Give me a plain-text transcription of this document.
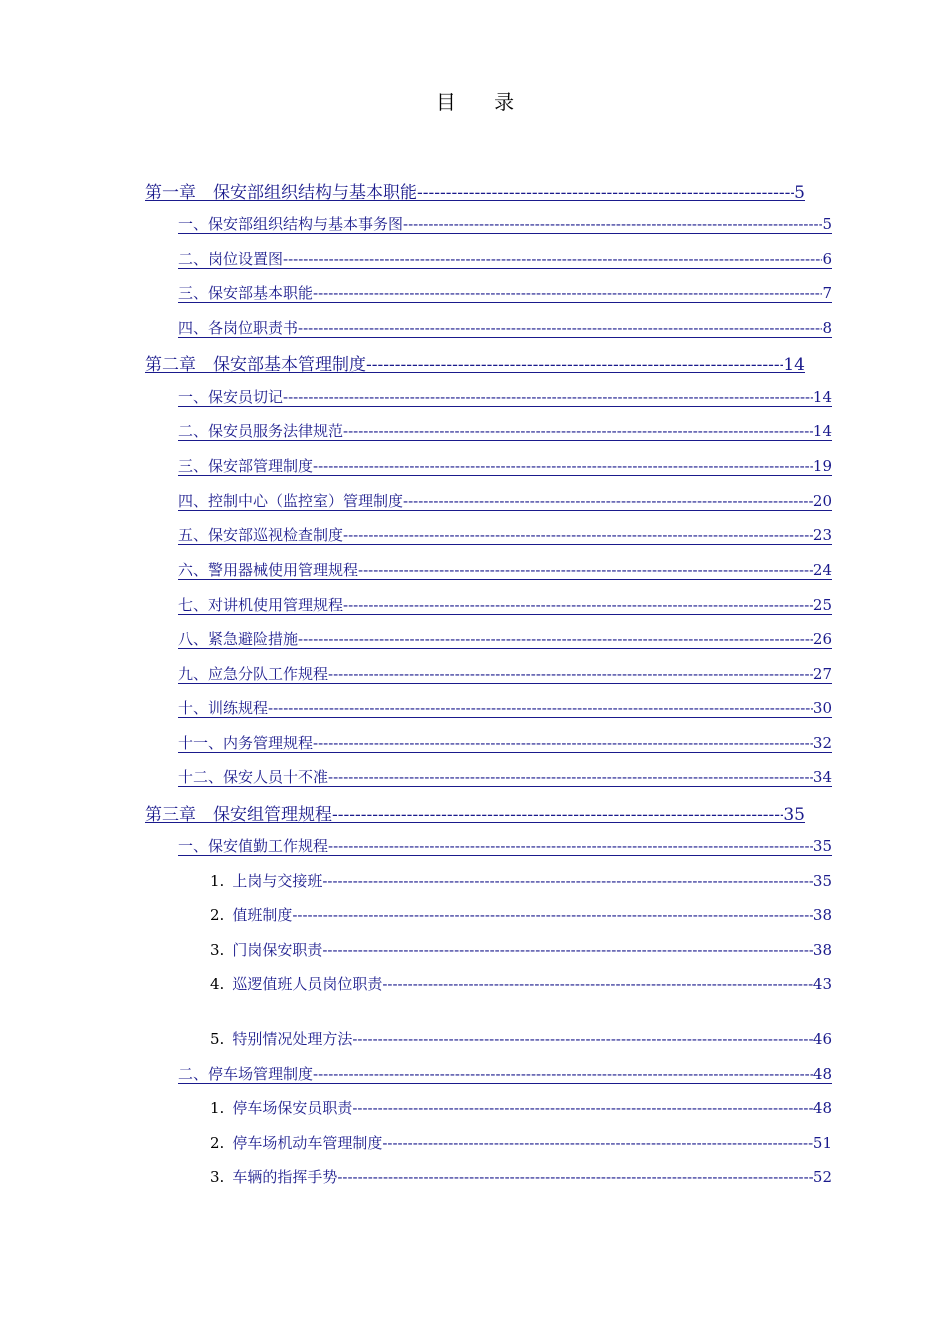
目 录
第一章　保安部组织结构与基本职能 -----	5
一、保安部组织结构与基本事务图 -----	5
二、岗位设置图 -----	6
三、保安部基本职能 -----	7
四、各岗位职责书 -----	8
第二章　保安部基本管理制度 -----	14
一、保安员切记 -----	14
二、保安员服务法律规范 -----	14
三、保安部管理制度 -----	19
四、控制中心（监控室）管理制度 -----	20
五、保安部巡视检查制度 -----	23
六、警用器械使用管理规程 -----	24
七、对讲机使用管理规程 -----	25
八、紧急避险措施 -----	26
九、应急分队工作规程 -----	27
十、训练规程 -----	30
十一、内务管理规程 -----	32
十二、保安人员十不准 -----	34
第三章　保安组管理规程 -----	35
一、保安值勤工作规程 -----	35
1. 上岗与交接班 -----	35
2. 值班制度 -----	38
3. 门岗保安职责 -----	38
4. 巡逻值班人员岗位职责 -----	43
5. 特别情况处理方法 -----	46
二、停车场管理制度 -----	48
1. 停车场保安员职责 -----	48
2. 停车场机动车管理制度 -----	51
3. 车辆的指挥手势 -----	52
